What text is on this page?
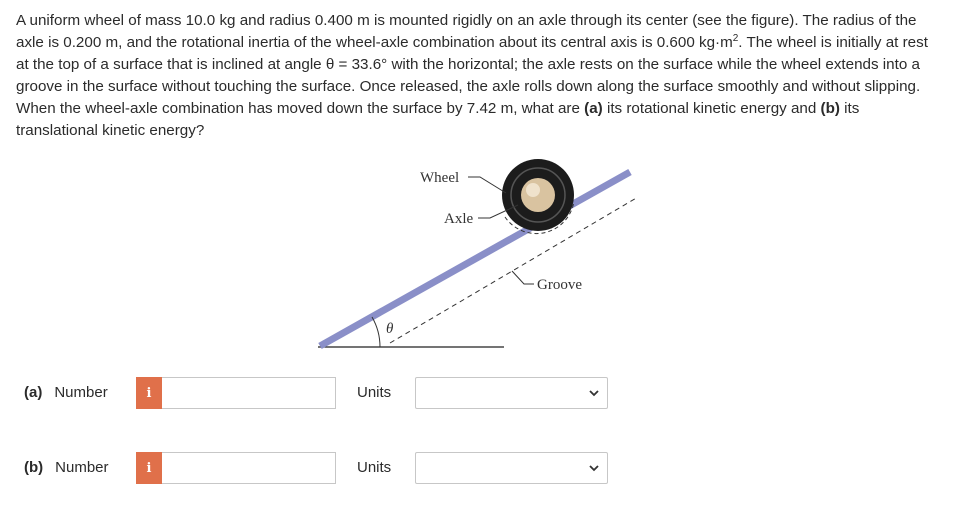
A uniform wheel of mass 10.0 kg and radius 0.400 m is mounted rigidly on an axle through its center (see the figure). The radius of the axle is 0.200 m, and the rotational inertia of the wheel-axle combination about its central axis is 0.600 $kg\cdot m^2$. The wheel is initially at rest at the top of a surface that is inclined at angle θ = 33.6° with the horizontal; the axle rests on the surface while the wheel extends into a groove in the surface without touching the surface. Once released, the axle rolls down along the surface smoothly and without slipping. When the wheel-axle combination has moved down the surface by 7.42 m, what are (a) its rotational kinetic energy and (b) its translational kinetic energy?

θ
Wheel
Axle
Groove
(a) Number	i	Units
(b) Number	i	Units
